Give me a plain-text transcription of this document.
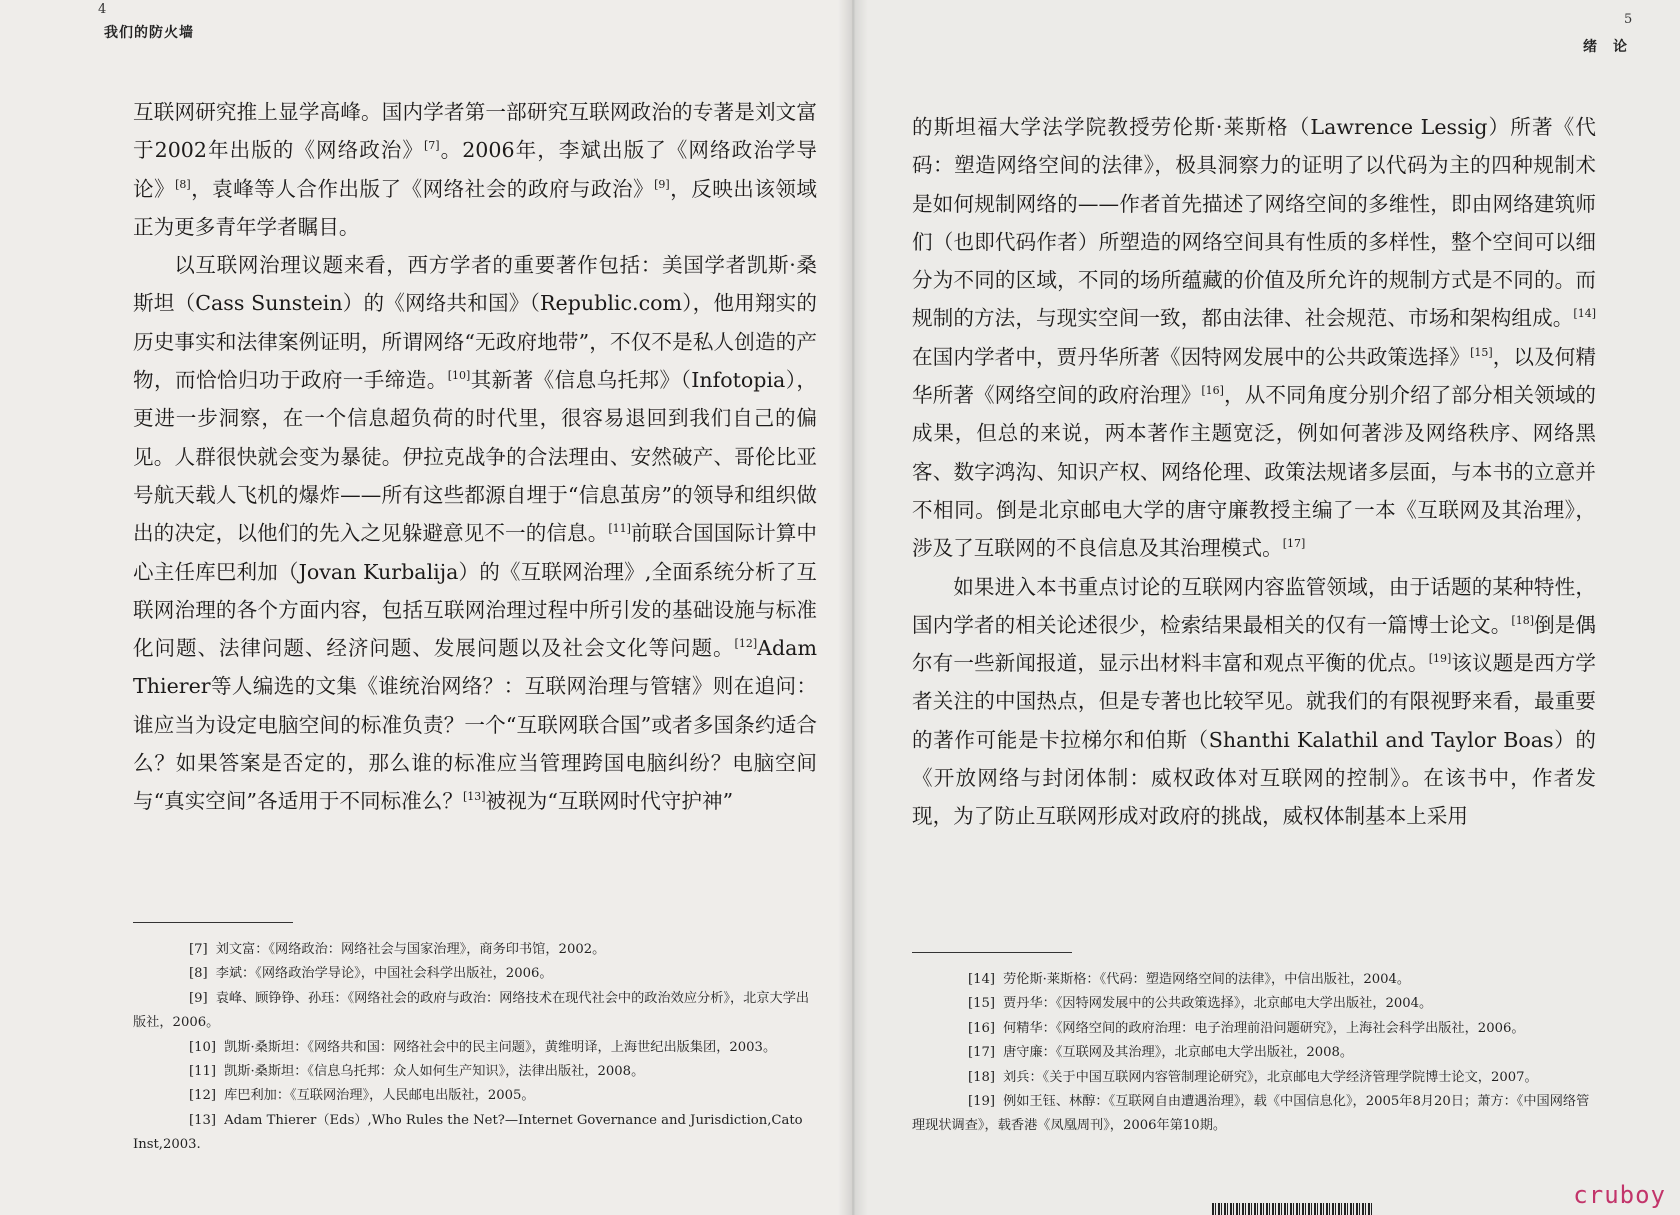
4
我们的防火墙

互联网研究推上显学高峰。国内学者第一部研究互联网政治的专著是刘文富于2002年出版的《网络政治》[7]。2006年，李斌出版了《网络政治学导论》[8]，袁峰等人合作出版了《网络社会的政府与政治》[9]，反映出该领域正为更多青年学者瞩目。

以互联网治理议题来看，西方学者的重要著作包括：美国学者凯斯·桑斯坦（Cass Sunstein）的《网络共和国》（Republic.com），他用翔实的历史事实和法律案例证明，所谓网络“无政府地带”，不仅不是私人创造的产物，而恰恰归功于政府一手缔造。[10]其新著《信息乌托邦》（Infotopia），更进一步洞察，在一个信息超负荷的时代里，很容易退回到我们自己的偏见。人群很快就会变为暴徒。伊拉克战争的合法理由、安然破产、哥伦比亚号航天载人飞机的爆炸——所有这些都源自埋于“信息茧房”的领导和组织做出的决定，以他们的先入之见躲避意见不一的信息。[11]前联合国国际计算中心主任库巴利加（Jovan Kurbalija）的《互联网治理》,全面系统分析了互联网治理的各个方面内容，包括互联网治理过程中所引发的基础设施与标准化问题、法律问题、经济问题、发展问题以及社会文化等问题。[12]Adam Thierer等人编选的文集《谁统治网络？：互联网治理与管辖》则在追问：谁应当为设定电脑空间的标准负责？一个“互联网联合国”或者多国条约适合么？如果答案是否定的，那么谁的标准应当管理跨国电脑纠纷？电脑空间与“真实空间”各适用于不同标准么？[13]被视为“互联网时代守护神”

[7] 刘文富：《网络政治：网络社会与国家治理》，商务印书馆，2002。

[8] 李斌：《网络政治学导论》，中国社会科学出版社，2006。

[9] 袁峰、顾铮铮、孙珏：《网络社会的政府与政治：网络技术在现代社会中的政治效应分析》，北京大学出版社，2006。

[10] 凯斯·桑斯坦：《网络共和国：网络社会中的民主问题》，黄维明译，上海世纪出版集团，2003。

[11] 凯斯·桑斯坦：《信息乌托邦：众人如何生产知识》，法律出版社，2008。

[12] 库巴利加：《互联网治理》，人民邮电出版社，2005。

[13] Adam Thierer（Eds）,Who Rules the Net?—Internet Governance and Jurisdiction,Cato Inst,2003.

5
绪　论

的斯坦福大学法学院教授劳伦斯·莱斯格（Lawrence Lessig）所著《代码：塑造网络空间的法律》，极具洞察力的证明了以代码为主的四种规制术是如何规制网络的——作者首先描述了网络空间的多维性，即由网络建筑师们（也即代码作者）所塑造的网络空间具有性质的多样性，整个空间可以细分为不同的区域，不同的场所蕴藏的价值及所允许的规制方式是不同的。而规制的方法，与现实空间一致，都由法律、社会规范、市场和架构组成。[14]在国内学者中，贾丹华所著《因特网发展中的公共政策选择》[15]，以及何精华所著《网络空间的政府治理》[16]，从不同角度分别介绍了部分相关领域的成果，但总的来说，两本著作主题宽泛，例如何著涉及网络秩序、网络黑客、数字鸿沟、知识产权、网络伦理、政策法规诸多层面，与本书的立意并不相同。倒是北京邮电大学的唐守廉教授主编了一本《互联网及其治理》，涉及了互联网的不良信息及其治理模式。[17]

如果进入本书重点讨论的互联网内容监管领域，由于话题的某种特性，国内学者的相关论述很少，检索结果最相关的仅有一篇博士论文。[18]倒是偶尔有一些新闻报道，显示出材料丰富和观点平衡的优点。[19]该议题是西方学者关注的中国热点，但是专著也比较罕见。就我们的有限视野来看，最重要的著作可能是卡拉梯尔和伯斯（Shanthi Kalathil and Taylor Boas）的《开放网络与封闭体制：威权政体对互联网的控制》。在该书中，作者发现，为了防止互联网形成对政府的挑战，威权体制基本上采用

[14] 劳伦斯·莱斯格：《代码：塑造网络空间的法律》，中信出版社，2004。

[15] 贾丹华：《因特网发展中的公共政策选择》，北京邮电大学出版社，2004。

[16] 何精华：《网络空间的政府治理：电子治理前沿问题研究》，上海社会科学出版社，2006。

[17] 唐守廉：《互联网及其治理》，北京邮电大学出版社，2008。

[18] 刘兵：《关于中国互联网内容管制理论研究》，北京邮电大学经济管理学院博士论文，2007。

[19] 例如王钰、林醇：《互联网自由遭遇治理》，载《中国信息化》，2005年8月20日；萧方：《中国网络管理现状调查》，载香港《凤凰周刊》，2006年第10期。

cruboy
